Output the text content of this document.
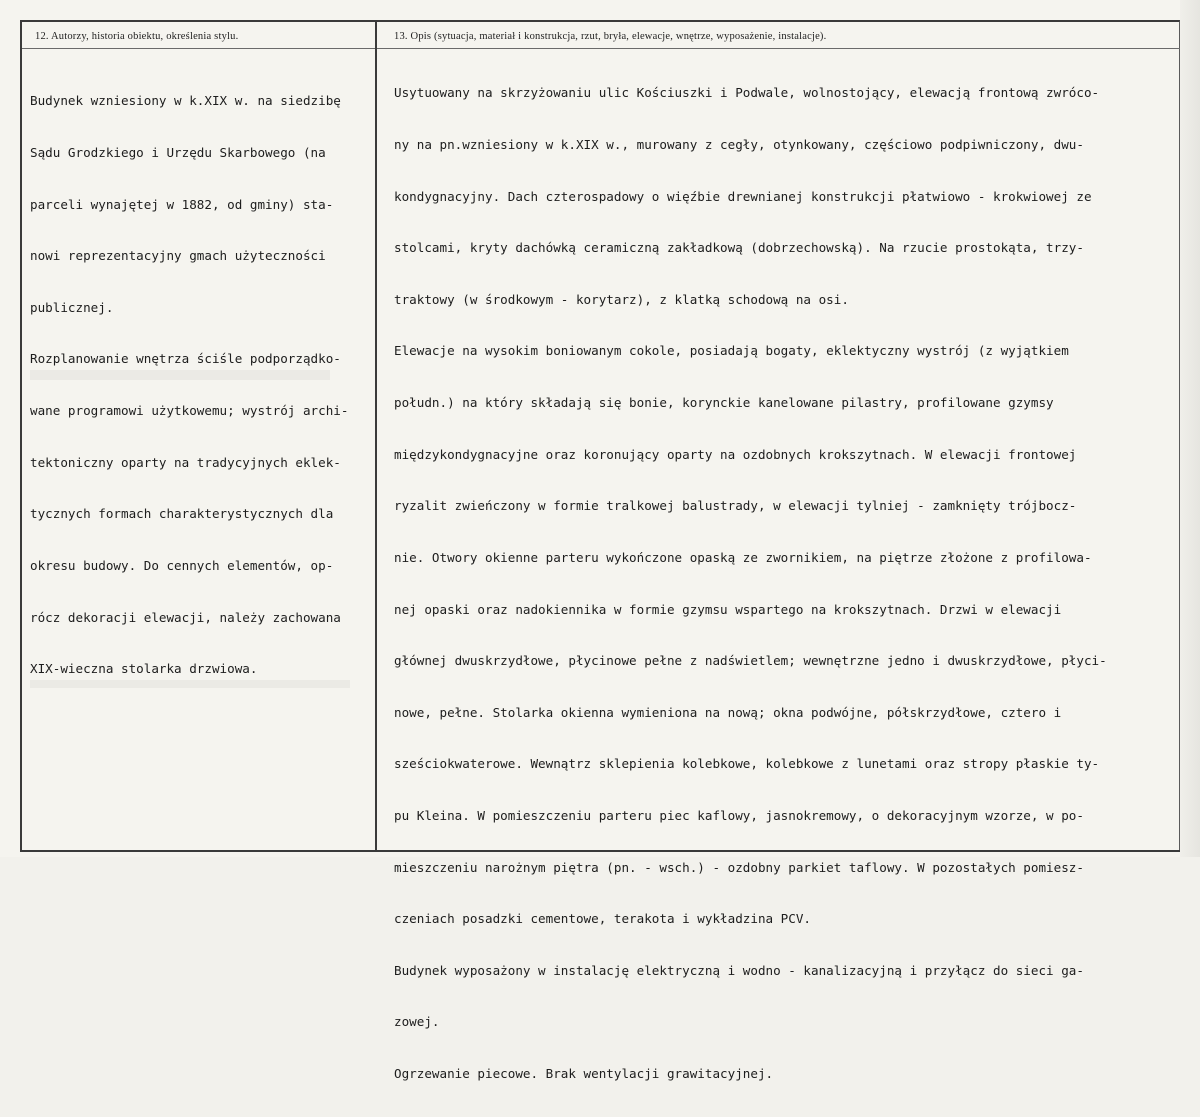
12. Autorzy, historia obiektu, określenia stylu.	13. Opis (sytuacja, materiał i konstrukcja, rzut, bryła, elewacje, wnętrze, wyposażenie, instalacje).

Budynek wzniesiony w k.XIX w. na siedzibę

Sądu Grodzkiego i Urzędu Skarbowego (na

parceli wynajętej w 1882, od gminy) sta-

nowi reprezentacyjny gmach użyteczności

publicznej.

Rozplanowanie wnętrza ściśle podporządko-

wane programowi użytkowemu; wystrój archi-

tektoniczny oparty na tradycyjnych eklek-

tycznych formach charakterystycznych dla

okresu budowy. Do cennych elementów, op-

rócz dekoracji elewacji, należy zachowana

XIX-wieczna stolarka drzwiowa.

Usytuowany na skrzyżowaniu ulic Kościuszki i Podwale, wolnostojący, elewacją frontową zwróco-

ny na pn.wzniesiony w k.XIX w., murowany z cegły, otynkowany, częściowo podpiwniczony, dwu-

kondygnacyjny. Dach czterospadowy o więźbie drewnianej konstrukcji płatwiowo - krokwiowej ze

stolcami, kryty dachówką ceramiczną zakładkową (dobrzechowską). Na rzucie prostokąta, trzy-

traktowy (w środkowym - korytarz), z klatką schodową na osi.

Elewacje na wysokim boniowanym cokole, posiadają bogaty, eklektyczny wystrój (z wyjątkiem

połudn.) na który składają się bonie, korynckie kanelowane pilastry, profilowane gzymsy

międzykondygnacyjne oraz koronujący oparty na ozdobnych krokszytnach. W elewacji frontowej

ryzalit zwieńczony w formie tralkowej balustrady, w elewacji tylniej - zamknięty trójbocz-

nie. Otwory okienne parteru wykończone opaską ze zwornikiem, na piętrze złożone z profilowa-

nej opaski oraz nadokiennika w formie gzymsu wspartego na krokszytnach. Drzwi w elewacji

głównej dwuskrzydłowe, płycinowe pełne z nadświetlem; wewnętrzne jedno i dwuskrzydłowe, płyci-

nowe, pełne. Stolarka okienna wymieniona na nową; okna podwójne, półskrzydłowe, cztero i

sześciokwaterowe. Wewnątrz sklepienia kolebkowe, kolebkowe z lunetami oraz stropy płaskie ty-

pu Kleina. W pomieszczeniu parteru piec kaflowy, jasnokremowy, o dekoracyjnym wzorze, w po-

mieszczeniu narożnym piętra (pn. - wsch.) - ozdobny parkiet taflowy. W pozostałych pomiesz-

czeniach posadzki cementowe, terakota i wykładzina PCV.

Budynek wyposażony w instalację elektryczną i wodno - kanalizacyjną i przyłącz do sieci ga-

zowej.

Ogrzewanie piecowe. Brak wentylacji grawitacyjnej.
